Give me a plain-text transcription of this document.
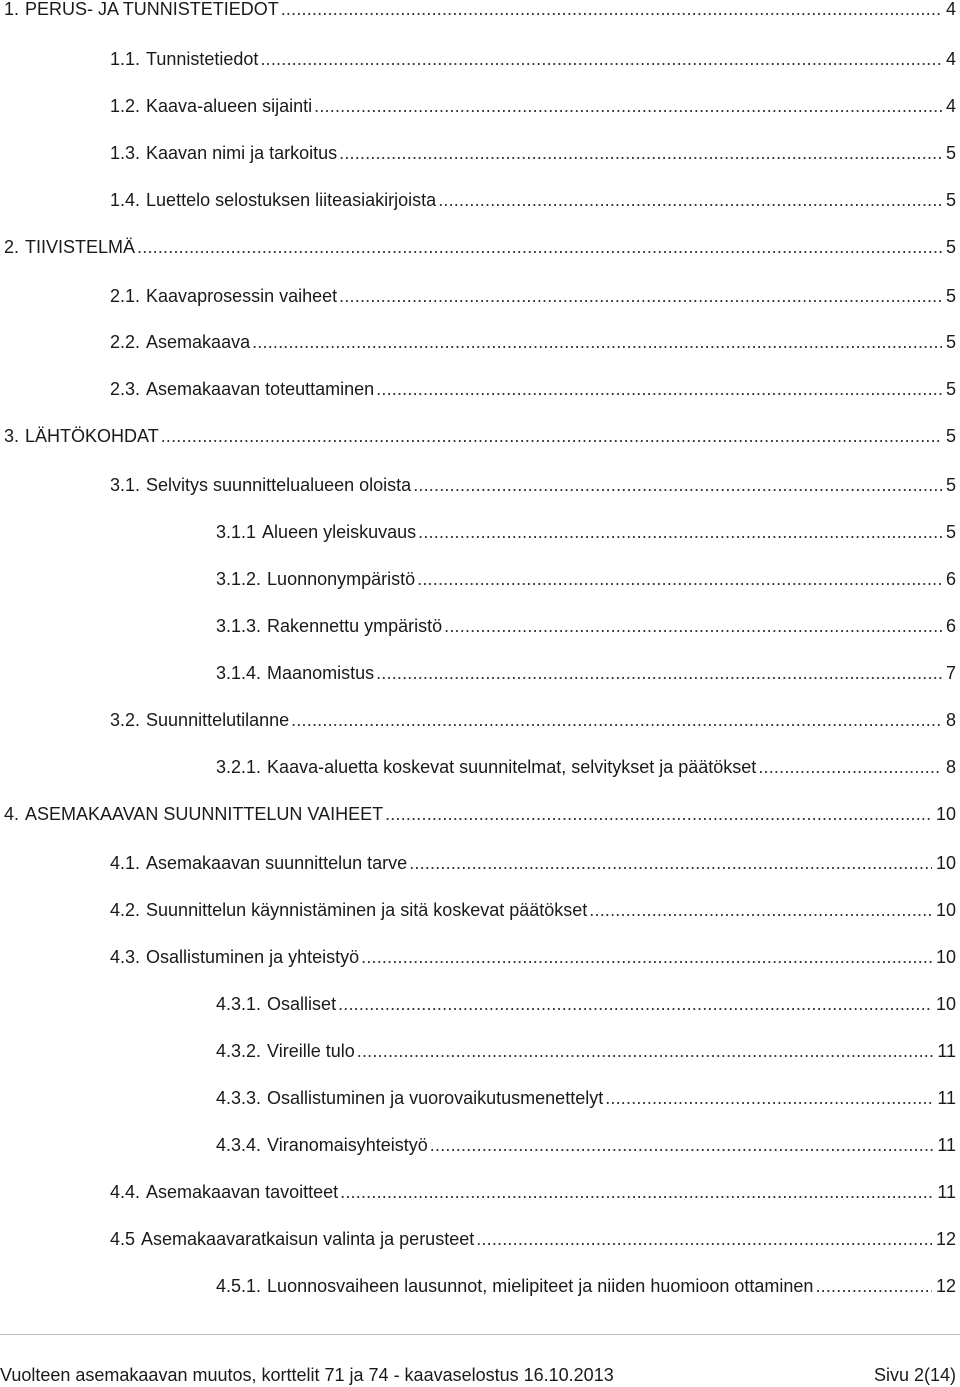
1. PERUS- JA TUNNISTETIEDOT . . .	4
1.1. Tunnistetiedot . . .	4
1.2. Kaava-alueen sijainti . . .	4
1.3. Kaavan nimi ja tarkoitus . . .	5
1.4. Luettelo selostuksen liiteasiakirjoista . . .	5
2. TIIVISTELMÄ . . .	5
2.1. Kaavaprosessin vaiheet . . .	5
2.2. Asemakaava . . .	5
2.3. Asemakaavan toteuttaminen . . .	5
3. LÄHTÖKOHDAT . . .	5
3.1. Selvitys suunnittelualueen oloista . . .	5
3.1.1 Alueen yleiskuvaus . . .	5
3.1.2. Luonnonympäristö . . .	6
3.1.3. Rakennettu ympäristö . . .	6
3.1.4. Maanomistus . . .	7
3.2. Suunnittelutilanne . . .	8
3.2.1. Kaava-aluetta koskevat suunnitelmat, selvitykset ja päätökset . . .	8
4. ASEMAKAAVAN SUUNNITTELUN VAIHEET . . .	10
4.1. Asemakaavan suunnittelun tarve . . .	10
4.2. Suunnittelun käynnistäminen ja sitä koskevat päätökset . . .	10
4.3. Osallistuminen ja yhteistyö . . .	10
4.3.1. Osalliset . . .	10
4.3.2. Vireille tulo . . .	11
4.3.3. Osallistuminen ja vuorovaikutusmenettelyt . . .	11
4.3.4. Viranomaisyhteistyö . . .	11
4.4. Asemakaavan tavoitteet . . .	11
4.5 Asemakaavaratkaisun valinta ja perusteet . . .	12
4.5.1. Luonnosvaiheen lausunnot, mielipiteet ja niiden huomioon ottaminen . . .	12
Vuolteen asemakaavan muutos, korttelit 71 ja 74 - kaavaselostus 16.10.2013	Sivu 2(14)
